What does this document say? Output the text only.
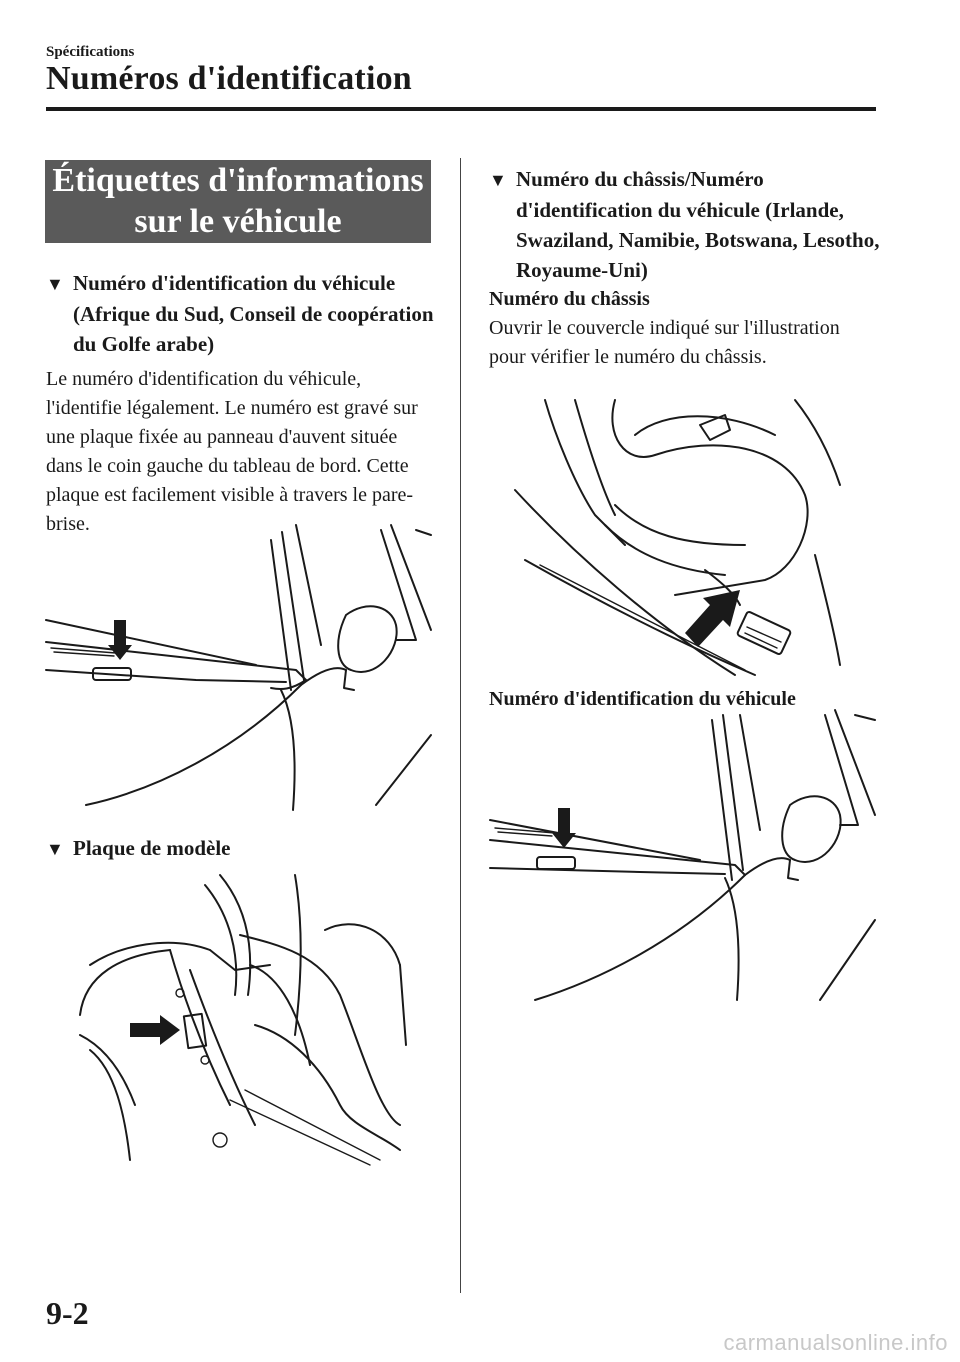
Spécifications
Numéros d'identification
Étiquettes d'informations
sur le véhicule

▼ Numéro d'identification du véhicule (Afrique du Sud, Conseil de coopération du Golfe arabe)

Le numéro d'identification du véhicule, l'identifie légalement. Le numéro est gravé sur une plaque fixée au panneau d'auvent située dans le coin gauche du tableau de bord. Cette plaque est facilement visible à travers le pare-brise.

▼ Plaque de modèle

▼ Numéro du châssis/Numéro d'identification du véhicule (Irlande, Swaziland, Namibie, Botswana, Lesotho, Royaume-Uni)

Numéro du châssis

Ouvrir le couvercle indiqué sur l'illustration pour vérifier le numéro du châssis.

Numéro d'identification du véhicule

9-2
carmanualsonline.info
